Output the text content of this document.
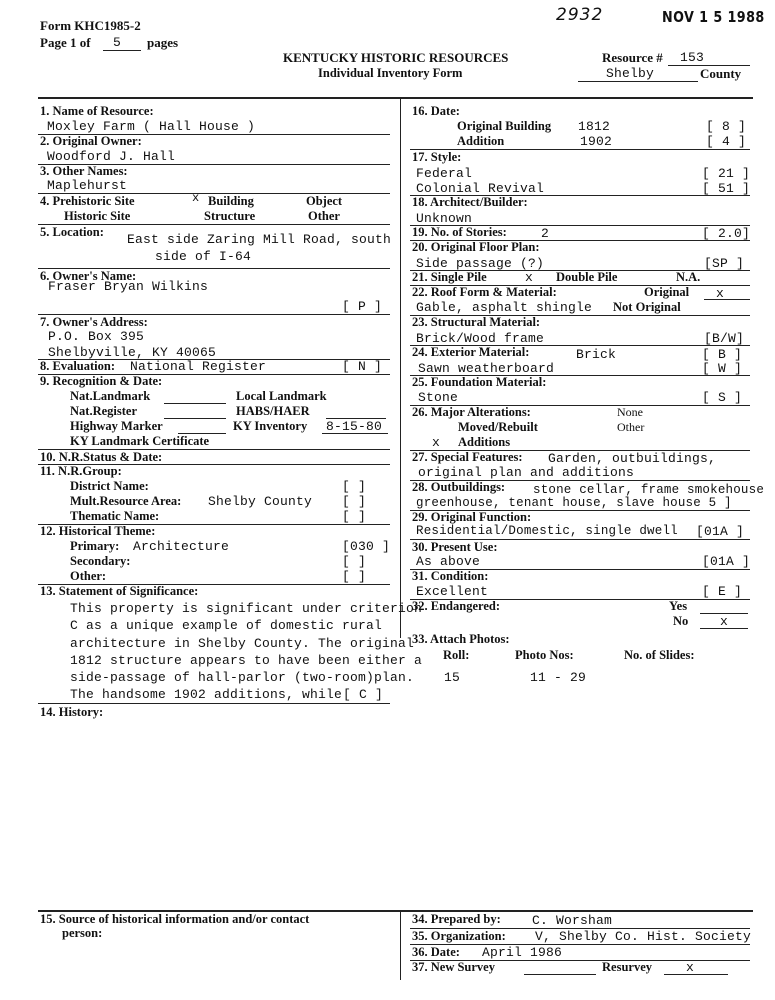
Form KHC1985-2
Page 1 of 5 pages
2932	NOV 1 5 1988
KENTUCKY HISTORIC RESOURCES
Individual Inventory Form
Resource # 153
Shelby	County
1. Name of Resource:
Moxley Farm ( Hall House )
2. Original Owner:
Woodford J. Hall
3. Other Names:
Maplehurst
4. Prehistoric Site
Historic Site
x Building
Structure
Object
Other
5. Location: East side Zaring Mill Road, south
side of I-64
6. Owner's Name:
Fraser Bryan Wilkins
[ P ]
7. Owner's Address:
P.O. Box 395
Shelbyville, KY 40065
8. Evaluation: National Register	[ N ]
9. Recognition & Date:
Nat.Landmark	Local Landmark
Nat.Register	HABS/HAER
Highway Marker	KY Inventory 8-15-80
KY Landmark Certificate
10. N.R.Status & Date:
11. N.R.Group:
District Name:	[ ]
Mult.Resource Area: Shelby County [ ]
Thematic Name:	[ ]
12. Historical Theme:
Primary: Architecture	[030 ]
Secondary:	[ ]
Other:	[ ]
13. Statement of Significance:
This property is significant under criterion
C as a unique example of domestic rural
architecture in Shelby County. The original
1812 structure appears to have been either a
side-passage of hall-parlor (two-room)plan.
The handsome 1902 additions, while [ C ]
14. History:
16. Date:
Original Building 1812	[ 8 ]
Addition	1902	[ 4 ]
17. Style:
Federal	[ 21 ]
Colonial Revival	[ 51 ]
18. Architect/Builder:
Unknown
19. No. of Stories:	2	[ 2.0]
20. Original Floor Plan:
Side passage (?)	[SP ]
21. Single Pile	x Double Pile	N.A.
22. Roof Form & Material:	Original x
Gable, asphalt shingle Not Original
23. Structural Material:
Brick/Wood frame	[B/W]
24. Exterior Material:	Brick	[ B ]
Sawn weatherboard	[ W ]
25. Foundation Material:
Stone	[ S ]
26. Major Alterations:	None
Moved/Rebuilt	Other
x Additions
27. Special Features: Garden, outbuildings,
original plan and additions
28. Outbuildings: stone cellar, frame smokehouse
greenhouse, tenant house, slave house 5 ]
29. Original Function:
Residential/Domestic, single dwell [01A ]
30. Present Use:
As above	[01A ]
31. Condition:
Excellent	[ E ]
32. Endangered:	Yes
No x
33. Attach Photos:
Roll:	Photo Nos:	No. of Slides:
15	11 - 29
15. Source of historical information and/or contact
person:
34. Prepared by: C. Worsham
35. Organization: V, Shelby Co. Hist. Society
36. Date: April 1986
37. New Survey	Resurvey	x
